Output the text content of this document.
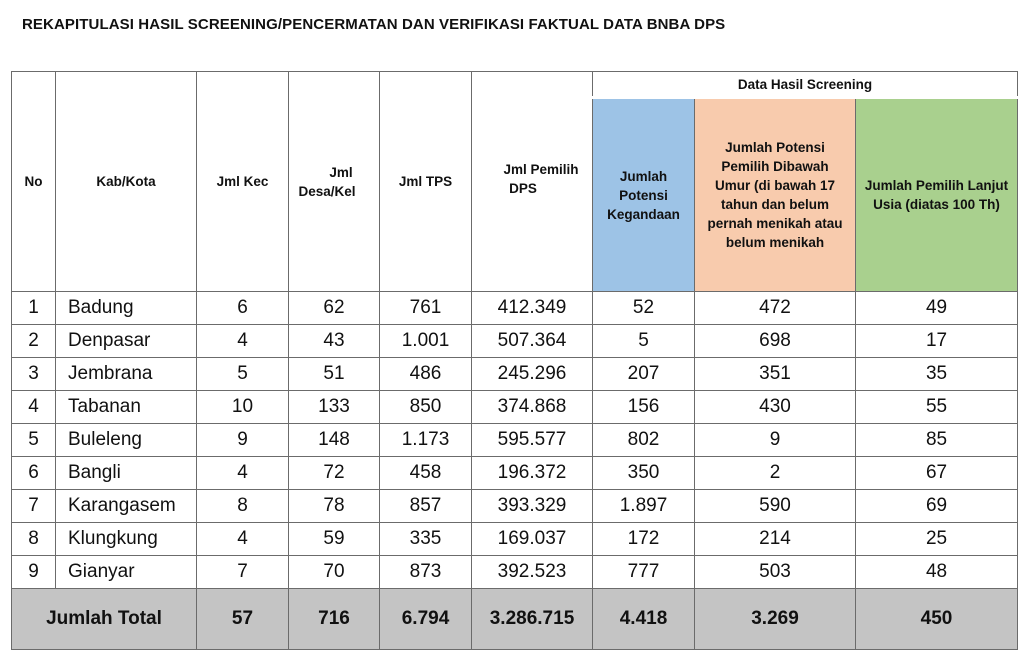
REKAPITULASI HASIL SCREENING/PENCERMATAN DAN VERIFIKASI FAKTUAL DATA BNBA DPS
No	Kab/Kota	Jml Kec	Jml Desa/Kel	Jml TPS	Jml Pemilih DPS	Data Hasil Screening		

						Jumlah Potensi Kegandaan	Jumlah Potensi Pemilih Dibawah Umur (di bawah 17 tahun dan belum pernah menikah atau belum menikah	Jumlah Pemilih Lanjut Usia (diatas 100 Th)

1	Badung	6	62	761	412.349	52	472	49
2	Denpasar	4	43	1.001	507.364	5	698	17
3	Jembrana	5	51	486	245.296	207	351	35
4	Tabanan	10	133	850	374.868	156	430	55
5	Buleleng	9	148	1.173	595.577	802	9	85
6	Bangli	4	72	458	196.372	350	2	67
7	Karangasem	8	78	857	393.329	1.897	590	69
8	Klungkung	4	59	335	169.037	172	214	25
9	Gianyar	7	70	873	392.523	777	503	48
Jumlah Total		57	716	6.794	3.286.715	4.418	3.269	450
